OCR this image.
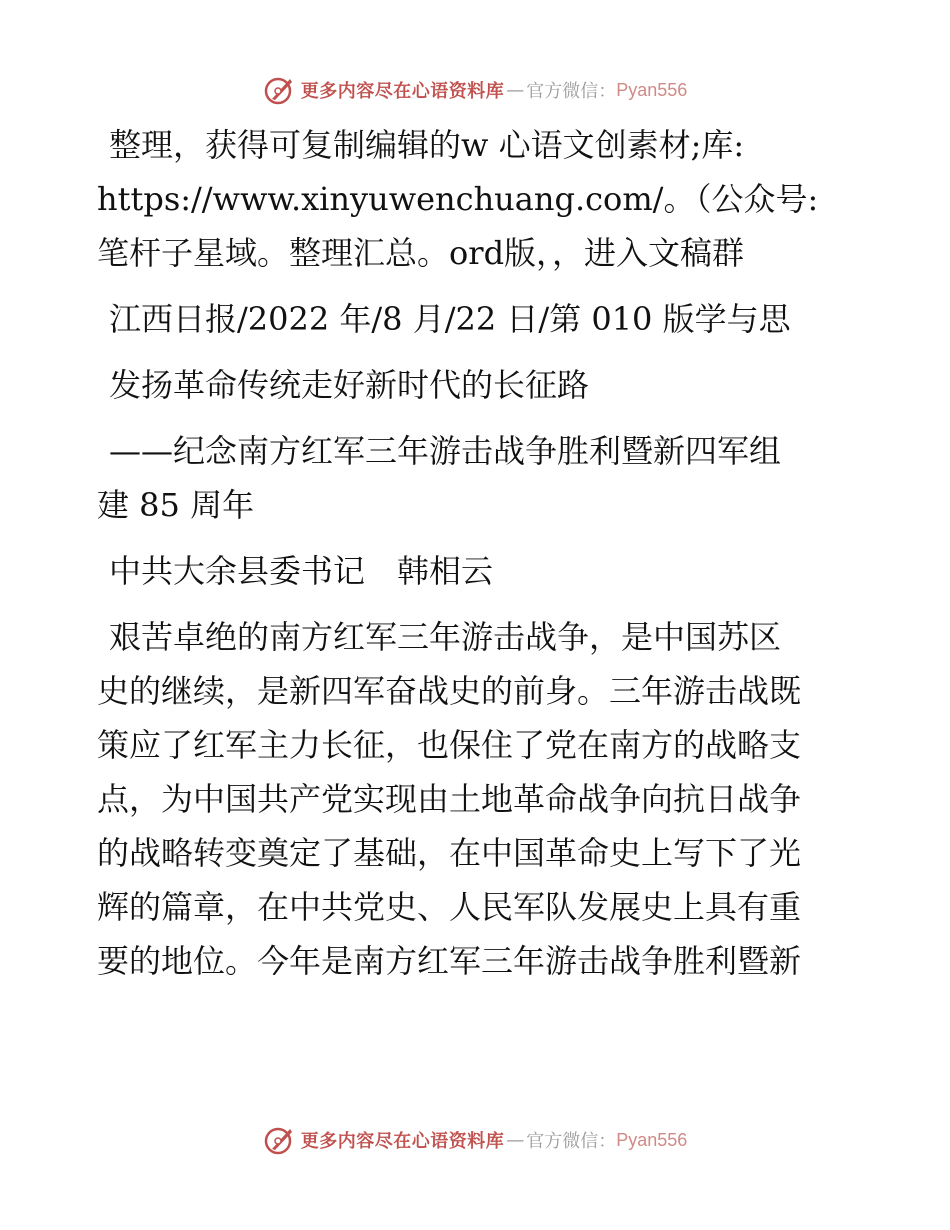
更多内容尽在心语资料库 — 官方微信： Pyan556
整理，获得可复制编辑的w 心语文创素材;库:
https://www.xinyuwenchuang.com/。（公众号:
笔杆子星域。整理汇总。ord版，，进入文稿群
江西日报/2022 年/8 月/22 日/第 010 版学与思
发扬革命传统走好新时代的长征路
——纪念南方红军三年游击战争胜利暨新四军组
建 85 周年
中共大余县委书记　韩相云
艰苦卓绝的南方红军三年游击战争，是中国苏区
史的继续，是新四军奋战史的前身。三年游击战既
策应了红军主力长征，也保住了党在南方的战略支
点，为中国共产党实现由土地革命战争向抗日战争
的战略转变奠定了基础，在中国革命史上写下了光
辉的篇章，在中共党史、人民军队发展史上具有重
要的地位。今年是南方红军三年游击战争胜利暨新
更多内容尽在心语资料库 — 官方微信： Pyan556
